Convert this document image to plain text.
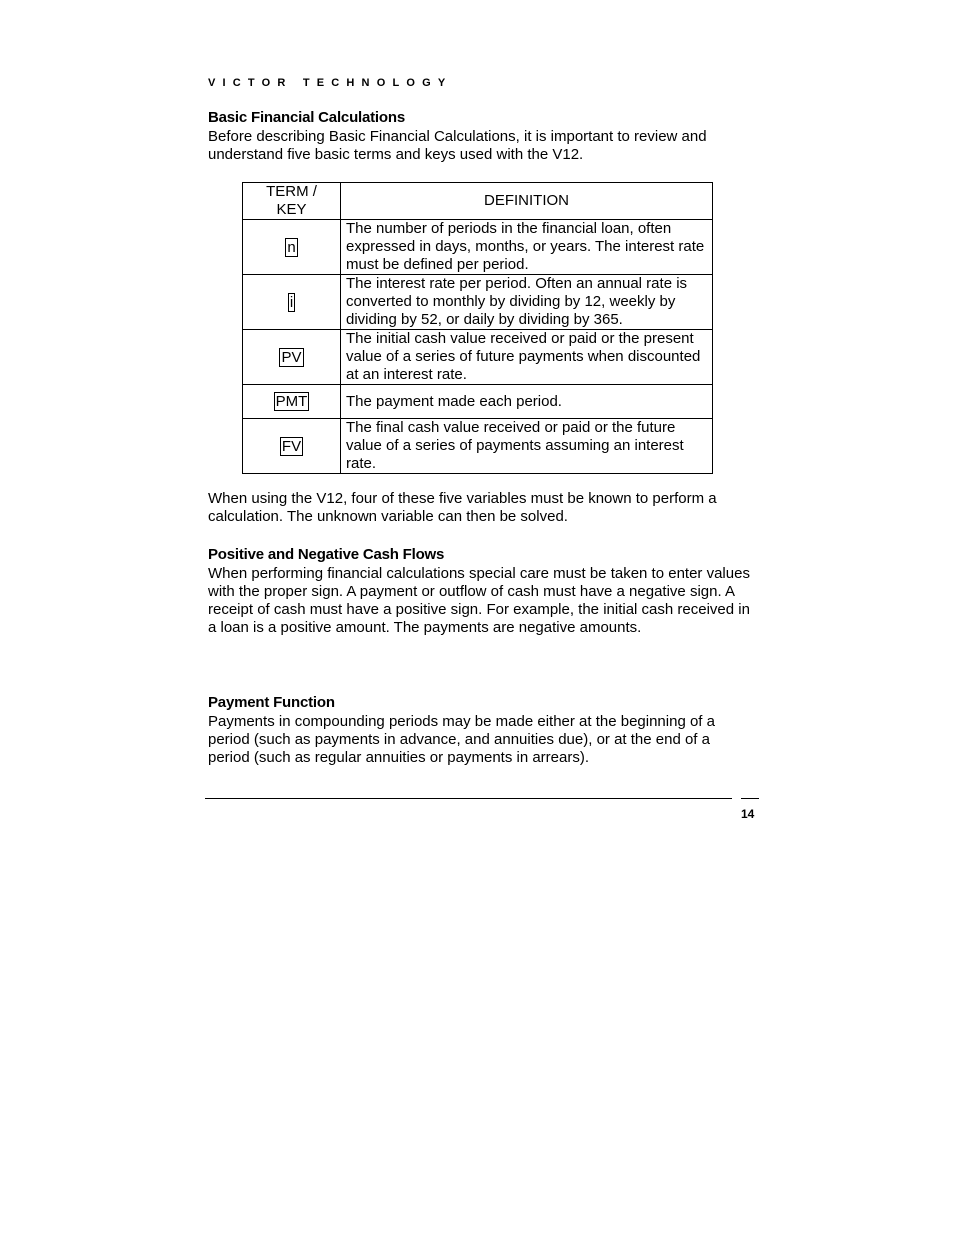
VICTOR TECHNOLOGY
Basic Financial Calculations

Before describing Basic Financial Calculations, it is important to review and understand five basic terms and keys used with the V12.

TERM / KEY	DEFINITION
n	The number of periods in the financial loan, often expressed in days, months, or years. The interest rate must be defined per period.
i	The interest rate per period. Often an annual rate is converted to monthly by dividing by 12, weekly by dividing by 52, or daily by dividing by 365.
PV	The initial cash value received or paid or the present value of a series of future payments when discounted at an interest rate.
PMT	The payment made each period.
FV	The final cash value received or paid or the future value of a series of payments assuming an interest rate.

When using the V12, four of these five variables must be known to perform a calculation. The unknown variable can then be solved.

Positive and Negative Cash Flows

When performing financial calculations special care must be taken to enter values with the proper sign. A payment or outflow of cash must have a negative sign. A receipt of cash must have a positive sign. For example, the initial cash received in a loan is a positive amount. The payments are negative amounts.

Payment Function

Payments in compounding periods may be made either at the beginning of a period (such as payments in advance, and annuities due), or at the end of a period (such as regular annuities or payments in arrears).

14
